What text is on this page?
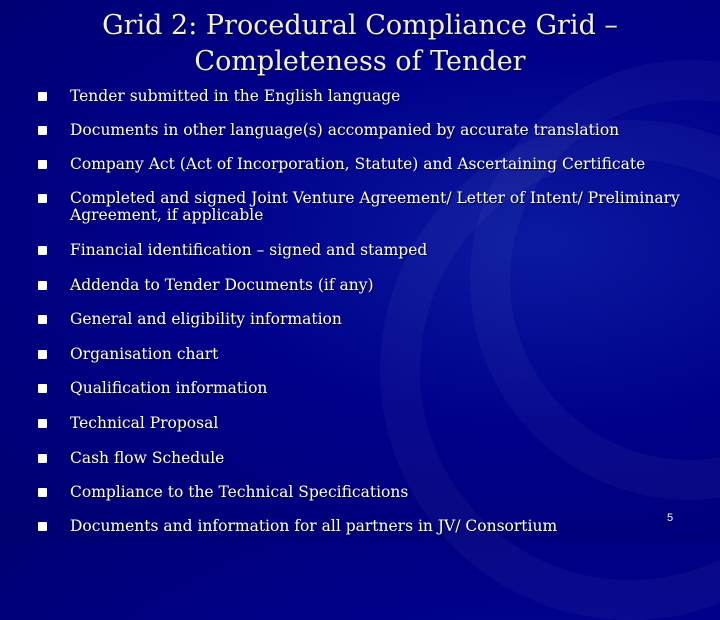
Grid 2: Procedural Compliance Grid –
Completeness of Tender
Tender submitted in the English language
Documents in other language(s) accompanied by accurate translation
Company Act (Act of Incorporation, Statute) and Ascertaining Certificate
Completed and signed Joint Venture Agreement/ Letter of Intent/ Preliminary Agreement, if applicable
Financial identification – signed and stamped
Addenda to Tender Documents (if any)
General and eligibility information
Organisation chart
Qualification information
Technical Proposal
Cash flow Schedule
Compliance to the Technical Specifications
Documents and information for all partners in JV/ Consortium	5
